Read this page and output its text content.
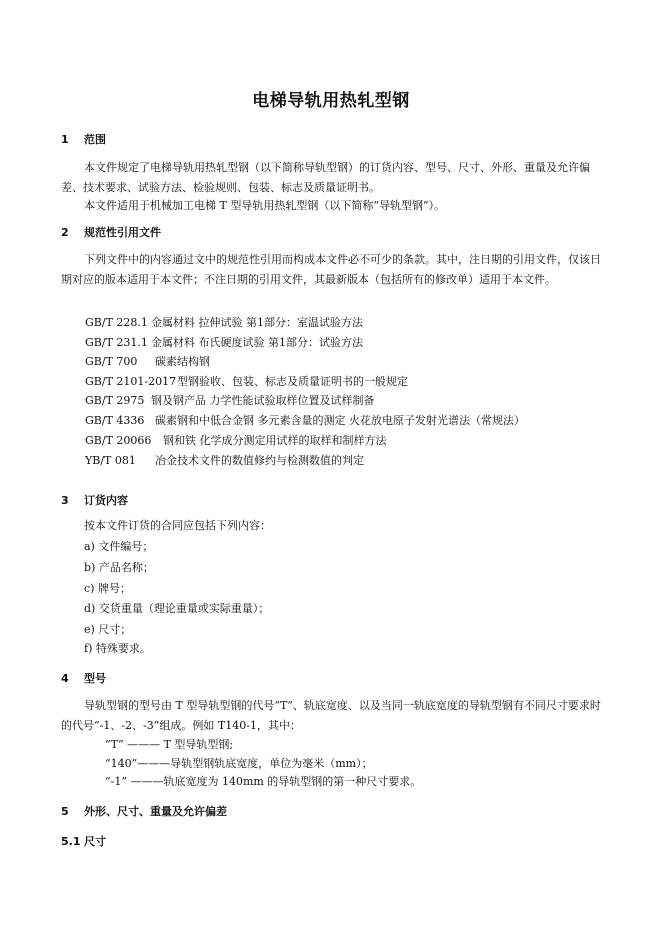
电梯导轨用热轧型钢
1 范围
本文件规定了电梯导轨用热轧型钢（以下简称导轨型钢）的订货内容、型号、尺寸、外形、重量及允许偏差、技术要求、试验方法、检验规则、包装、标志及质量证明书。
本文件适用于机械加工电梯 T 型导轨用热轧型钢（以下简称“导轨型钢”）。
2 规范性引用文件
下列文件中的内容通过文中的规范性引用而构成本文件必不可少的条款。其中，注日期的引用文件，仅该日期对应的版本适用于本文件；不注日期的引用文件，其最新版本（包括所有的修改单）适用于本文件。
GB/T 228.1 金属材料 拉伸试验 第1部分：室温试验方法
GB/T 231.1 金属材料 布氏硬度试验 第1部分：试验方法
GB/T 700 碳素结构钢
GB/T 2101-2017型钢验收、包装、标志及质量证明书的一般规定
GB/T 2975 钢及钢产品 力学性能试验取样位置及试样制备
GB/T 4336 碳素钢和中低合金钢 多元素含量的测定 火花放电原子发射光谱法（常规法）
GB/T 20066 钢和铁 化学成分测定用试样的取样和制样方法
YB/T 081 冶金技术文件的数值修约与检测数值的判定
3 订货内容
按本文件订货的合同应包括下列内容：
a) 文件编号；
b) 产品名称；
c) 牌号；
d) 交货重量（理论重量或实际重量）；
e) 尺寸；
f) 特殊要求。
4 型号
导轨型钢的型号由 T 型导轨型钢的代号“T”、轨底宽度、以及当同一轨底宽度的导轨型钢有不同尺寸要求时的代号“-1、-2、-3”组成。例如 T140-1，其中：
“T” ——— T 型导轨型钢;
“140”———导轨型钢轨底宽度，单位为毫米（mm）；
“-1” ———轨底宽度为 140mm 的导轨型钢的第一种尺寸要求。
5 外形、尺寸、重量及允许偏差
5.1 尺寸
